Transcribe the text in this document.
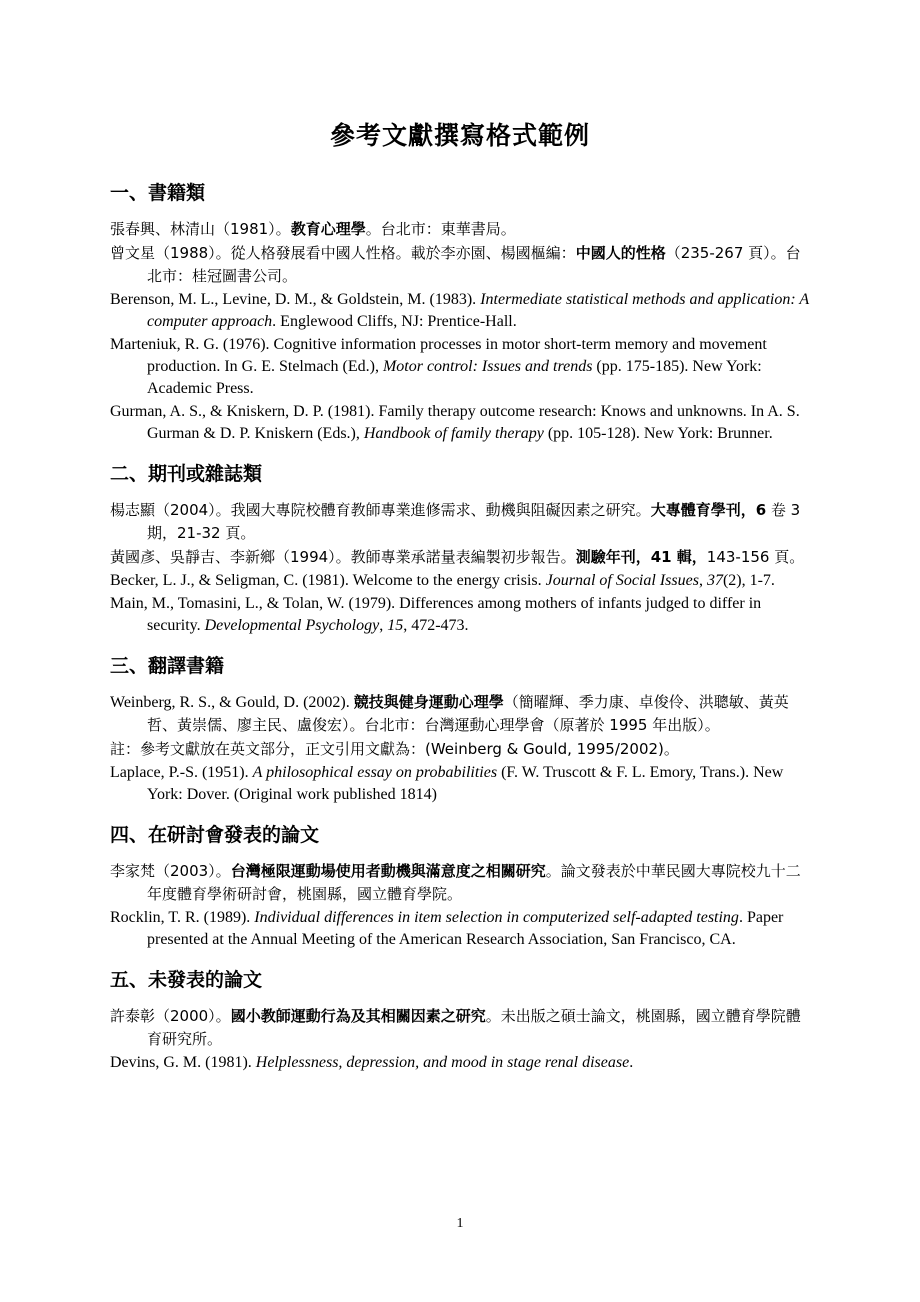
參考文獻撰寫格式範例
一、書籍類

張春興、林清山（1981）。教育心理學。台北市：東華書局。

曾文星（1988）。從人格發展看中國人性格。載於李亦園、楊國樞編：中國人的性格（235-267 頁）。台北市：桂冠圖書公司。

Berenson, M. L., Levine, D. M., & Goldstein, M. (1983). Intermediate statistical methods and application: A computer approach. Englewood Cliffs, NJ: Prentice-Hall.

Marteniuk, R. G. (1976). Cognitive information processes in motor short-term memory and movement production. In G. E. Stelmach (Ed.), Motor control: Issues and trends (pp. 175-185). New York: Academic Press.

Gurman, A. S., & Kniskern, D. P. (1981). Family therapy outcome research: Knows and unknowns. In A. S. Gurman & D. P. Kniskern (Eds.), Handbook of family therapy (pp. 105-128). New York: Brunner.

二、期刊或雜誌類

楊志顯（2004）。我國大專院校體育教師專業進修需求、動機與阻礙因素之研究。大專體育學刊，6 卷 3 期，21-32 頁。

黃國彥、吳靜吉、李新鄉（1994）。教師專業承諾量表編製初步報告。測驗年刊，41 輯，143-156 頁。

Becker, L. J., & Seligman, C. (1981). Welcome to the energy crisis. Journal of Social Issues, 37(2), 1-7.

Main, M., Tomasini, L., & Tolan, W. (1979). Differences among mothers of infants judged to differ in security. Developmental Psychology, 15, 472-473.

三、翻譯書籍

Weinberg, R. S., & Gould, D. (2002). 競技與健身運動心理學（簡曜輝、季力康、卓俊伶、洪聰敏、黃英哲、黃崇儒、廖主民、盧俊宏）。台北市：台灣運動心理學會（原著於 1995 年出版）。

註：參考文獻放在英文部分，正文引用文獻為：(Weinberg & Gould, 1995/2002)。

Laplace, P.-S. (1951). A philosophical essay on probabilities (F. W. Truscott & F. L. Emory, Trans.). New York: Dover. (Original work published 1814)

四、在研討會發表的論文

李家梵（2003）。台灣極限運動場使用者動機與滿意度之相關研究。論文發表於中華民國大專院校九十二年度體育學術研討會，桃園縣，國立體育學院。

Rocklin, T. R. (1989). Individual differences in item selection in computerized self-adapted testing. Paper presented at the Annual Meeting of the American Research Association, San Francisco, CA.

五、未發表的論文

許泰彰（2000）。國小教師運動行為及其相關因素之研究。未出版之碩士論文，桃園縣，國立體育學院體育研究所。

Devins, G. M. (1981). Helplessness, depression, and mood in stage renal disease.

1
